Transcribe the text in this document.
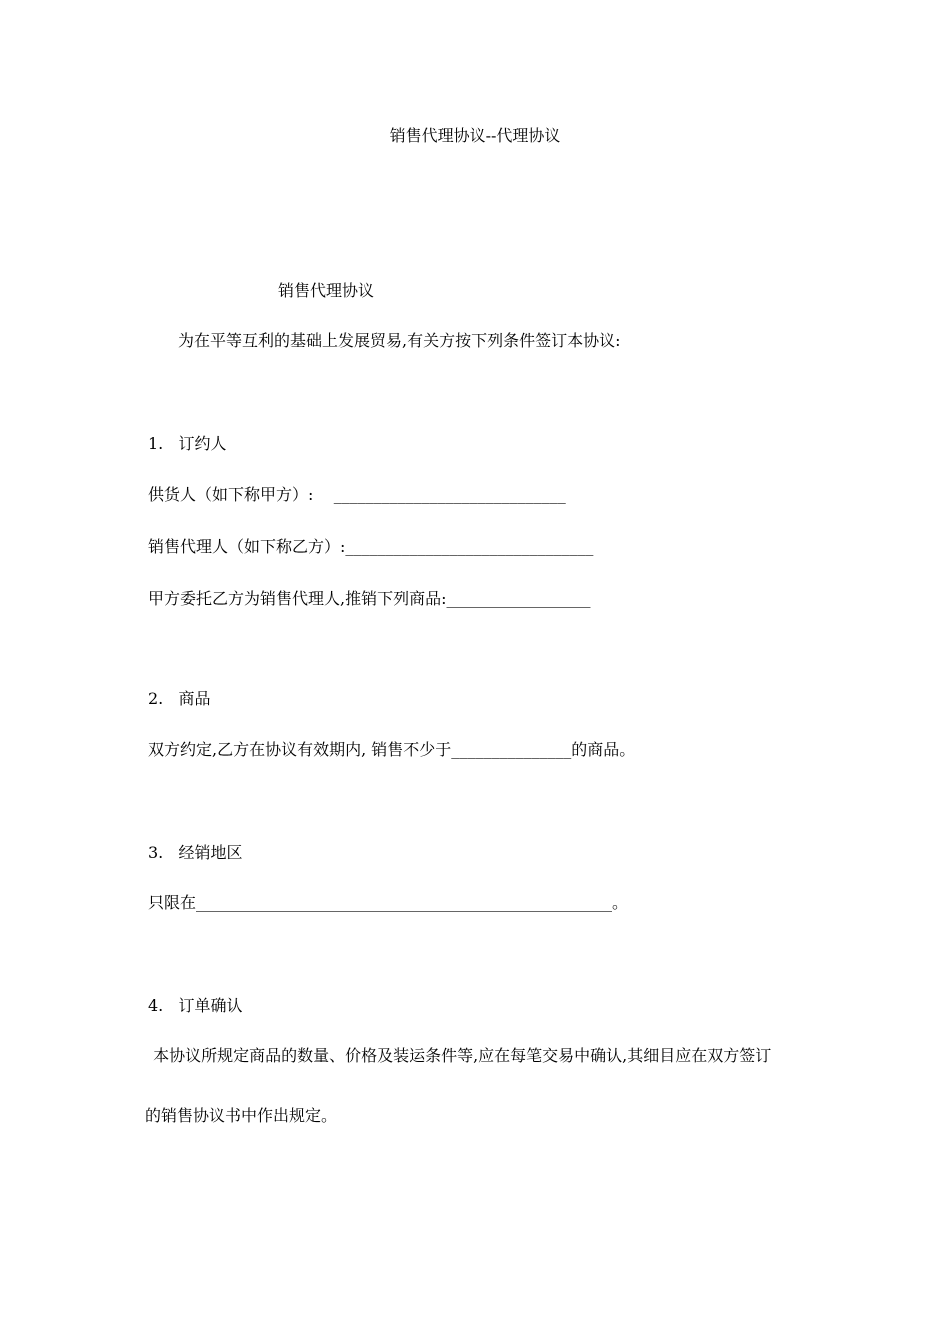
销售代理协议--代理协议
销售代理协议
为在平等互利的基础上发展贸易,有关方按下列条件签订本协议:
1.   订约人
供货人（如下称甲方）:    _____________________________
销售代理人（如下称乙方）:_______________________________
甲方委托乙方为销售代理人,推销下列商品:__________________
2.   商品
双方约定,乙方在协议有效期内, 销售不少于_______________的商品。
3.   经销地区
只限在____________________________________________________。
4.   订单确认
本协议所规定商品的数量、价格及装运条件等,应在每笔交易中确认,其细目应在双方签订
的销售协议书中作出规定。
